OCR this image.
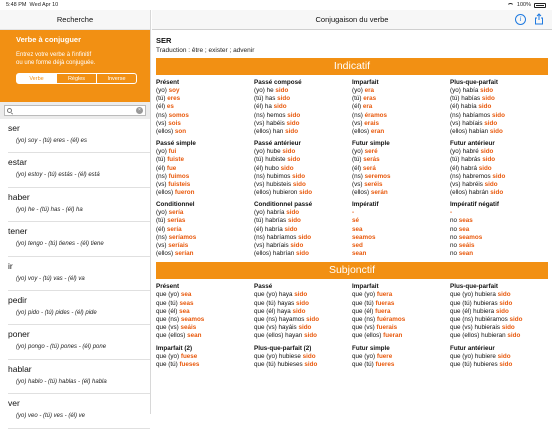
5:48 PM Wed Apr 10	100%
Recherche
Verbe à conjuguer
Entrez votre verbe à l'infinitif
ou une forme déjà conjuguée.
Verbe	Règles	Inverse
×
ser
(yo) soy - (tú) eres - (él) es
estar
(yo) estoy - (tú) estás - (él) está
haber
(yo) he - (tú) has - (él) ha
tener
(yo) tengo - (tú) tienes - (él) tiene
ir
(yo) voy - (tú) vas - (él) va
pedir
(yo) pido - (tú) pides - (él) pide
poner
(yo) pongo - (tú) pones - (él) pone
hablar
(yo) hablo - (tú) hablas - (él) habla
ver
(yo) veo - (tú) ves - (él) ve
Conjugaison du verbe	i
SER
Traduction : être ; exister ; advenir
Indicatif
Présent
(yo) soy
(tú) eres
(él) es
(ns) somos
(vs) sois
(ellos) son
Passé composé
(yo) he sido
(tú) has sido
(él) ha sido
(ns) hemos sido
(vs) habéis sido
(ellos) han sido
Imparfait
(yo) era
(tú) eras
(él) era
(ns) éramos
(vs) erais
(ellos) eran
Plus-que-parfait
(yo) había sido
(tú) habías sido
(él) había sido
(ns) habíamos sido
(vs) habíais sido
(ellos) habían sido
Passé simple
(yo) fui
(tú) fuiste
(él) fue
(ns) fuimos
(vs) fuisteis
(ellos) fueron
Passé antérieur
(yo) hube sido
(tú) hubiste sido
(él) hubo sido
(ns) hubimos sido
(vs) hubisteis sido
(ellos) hubieron sido
Futur simple
(yo) seré
(tú) serás
(él) será
(ns) seremos
(vs) seréis
(ellos) serán
Futur antérieur
(yo) habré sido
(tú) habrás sido
(él) habrá sido
(ns) habremos sido
(vs) habréis sido
(ellos) habrán sido
Conditionnel
(yo) sería
(tú) serías
(él) sería
(ns) seríamos
(vs) seríais
(ellos) serían
Conditionnel passé
(yo) habría sido
(tú) habrías sido
(él) habría sido
(ns) habríamos sido
(vs) habríais sido
(ellos) habrían sido
Impératif
-
sé
sea
seamos
sed
sean
Impératif négatif
-
no seas
no sea
no seamos
no seáis
no sean
Subjonctif
Présent
que (yo) sea
que (tú) seas
que (él) sea
que (ns) seamos
que (vs) seáis
que (ellos) sean
Passé
que (yo) haya sido
que (tú) hayas sido
que (él) haya sido
que (ns) hayamos sido
que (vs) hayáis sido
que (ellos) hayan sido
Imparfait
que (yo) fuera
que (tú) fueras
que (él) fuera
que (ns) fuéramos
que (vs) fuerais
que (ellos) fueran
Plus-que-parfait
que (yo) hubiera sido
que (tú) hubieras sido
que (él) hubiera sido
que (ns) hubiéramos sido
que (vs) hubierais sido
que (ellos) hubieran sido
Imparfait (2)
que (yo) fuese
que (tú) fueses
Plus-que-parfait (2)
que (yo) hubiese sido
que (tú) hubieses sido
Futur simple
que (yo) fuere
que (tú) fueres
Futur antérieur
que (yo) hubiere sido
que (tú) hubieres sido
